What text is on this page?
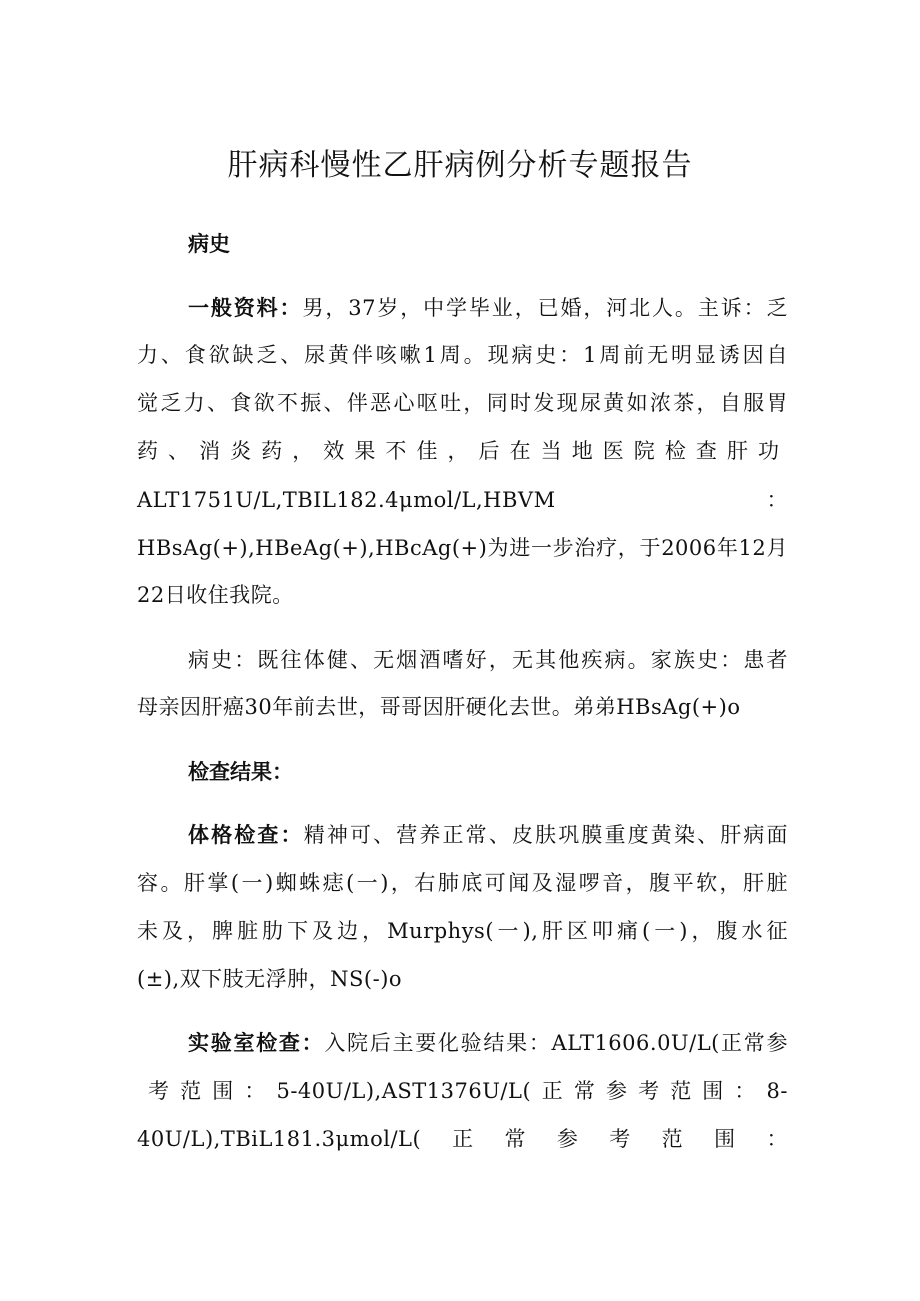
肝病科慢性乙肝病例分析专题报告
病史
一般资料：男，37岁，中学毕业，已婚，河北人。主诉：乏
力、食欲缺乏、尿黄伴咳嗽1周。现病史：1周前无明显诱因自
觉乏力、食欲不振、伴恶心呕吐，同时发现尿黄如浓茶，自服胃
药、消炎药，效果不佳，后在当地医院检查肝功
ALT1751U/L,TBIL182.4μmol/L,HBVM	：
HBsAg(+),HBeAg(+),HBcAg(+)为进一步治疗，于2006年12月
22日收住我院。
病史：既往体健、无烟酒嗜好，无其他疾病。家族史：患者
母亲因肝癌30年前去世，哥哥因肝硬化去世。弟弟HBsAg(+)o
检查结果：
体格检查：精神可、营养正常、皮肤巩膜重度黄染、肝病面
容。肝掌(一)蜘蛛痣(一)，右肺底可闻及湿啰音，腹平软，肝脏
未及，脾脏肋下及边，Murphys(一),肝区叩痛(一)，腹水征
(±),双下肢无浮肿，NS(-)o
实验室检查：入院后主要化验结果：ALT1606.0U/L(正常参
考范围：5-40U/L),AST1376U/L(正常参考范围：8-
40U/L),TBiL181.3μmol/L(正常参考范围：
